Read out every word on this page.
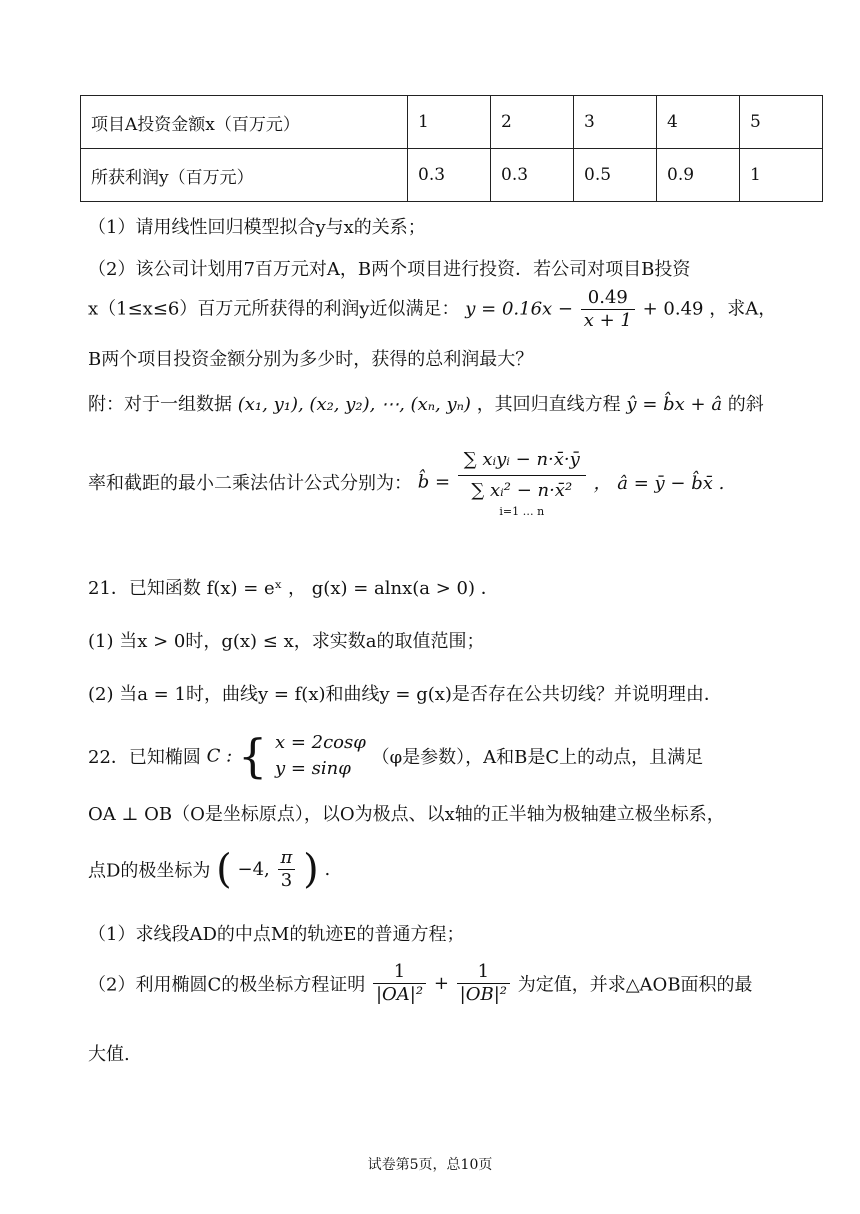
项目A投资金额x（百万元）	1	2	3	4	5
所获利润y（百万元）	0.3	0.3	0.5	0.9	1
（1）请用线性回归模型拟合y与x的关系；
（2）该公司计划用7百万元对A，B两个项目进行投资．若公司对项目B投资
x（1≤x≤6）百万元所获得的利润y近似满足： $y = 0.16x - \frac{0.49}{x + 1} + 0.49$ ，求A，
B两个项目投资金额分别为多少时，获得的总利润最大？
附：对于一组数据 (x₁, y₁), (x₂, y₂), ⋯, (xₙ, yₙ) ，其回归直线方程 ŷ = b̂x + â 的斜
率和截距的最小二乘法估计公式分别为： b̂ =
∑ xᵢyᵢ − n·x̄·ȳ
∑ xᵢ² − n·x̄²
i=1 … n
， â = ȳ − b̂x̄ .
21．已知函数 f(x) = eˣ ， g(x) = alnx(a > 0) ．
(1) 当x > 0时，g(x) ≤ x，求实数a的取值范围；
(2) 当a = 1时，曲线y = f(x)和曲线y = g(x)是否存在公共切线？并说明理由．
22．已知椭圆 C : { x = 2cosφ
y = sinφ
（φ是参数），A和B是C上的动点，且满足
OA ⊥ OB（O是坐标原点），以O为极点、以x轴的正半轴为极轴建立极坐标系，
点D的极坐标为 ( −4, $\frac{\pi}{3}$ ) .
（1）求线段AD的中点M的轨迹E的普通方程；
（2）利用椭圆C的极坐标方程证明 $\frac{1}{\text{|OA|²}} + \frac{1}{\text{|OB|²}}$ 为定值，并求△AOB面积的最
大值.
试卷第5页，总10页
